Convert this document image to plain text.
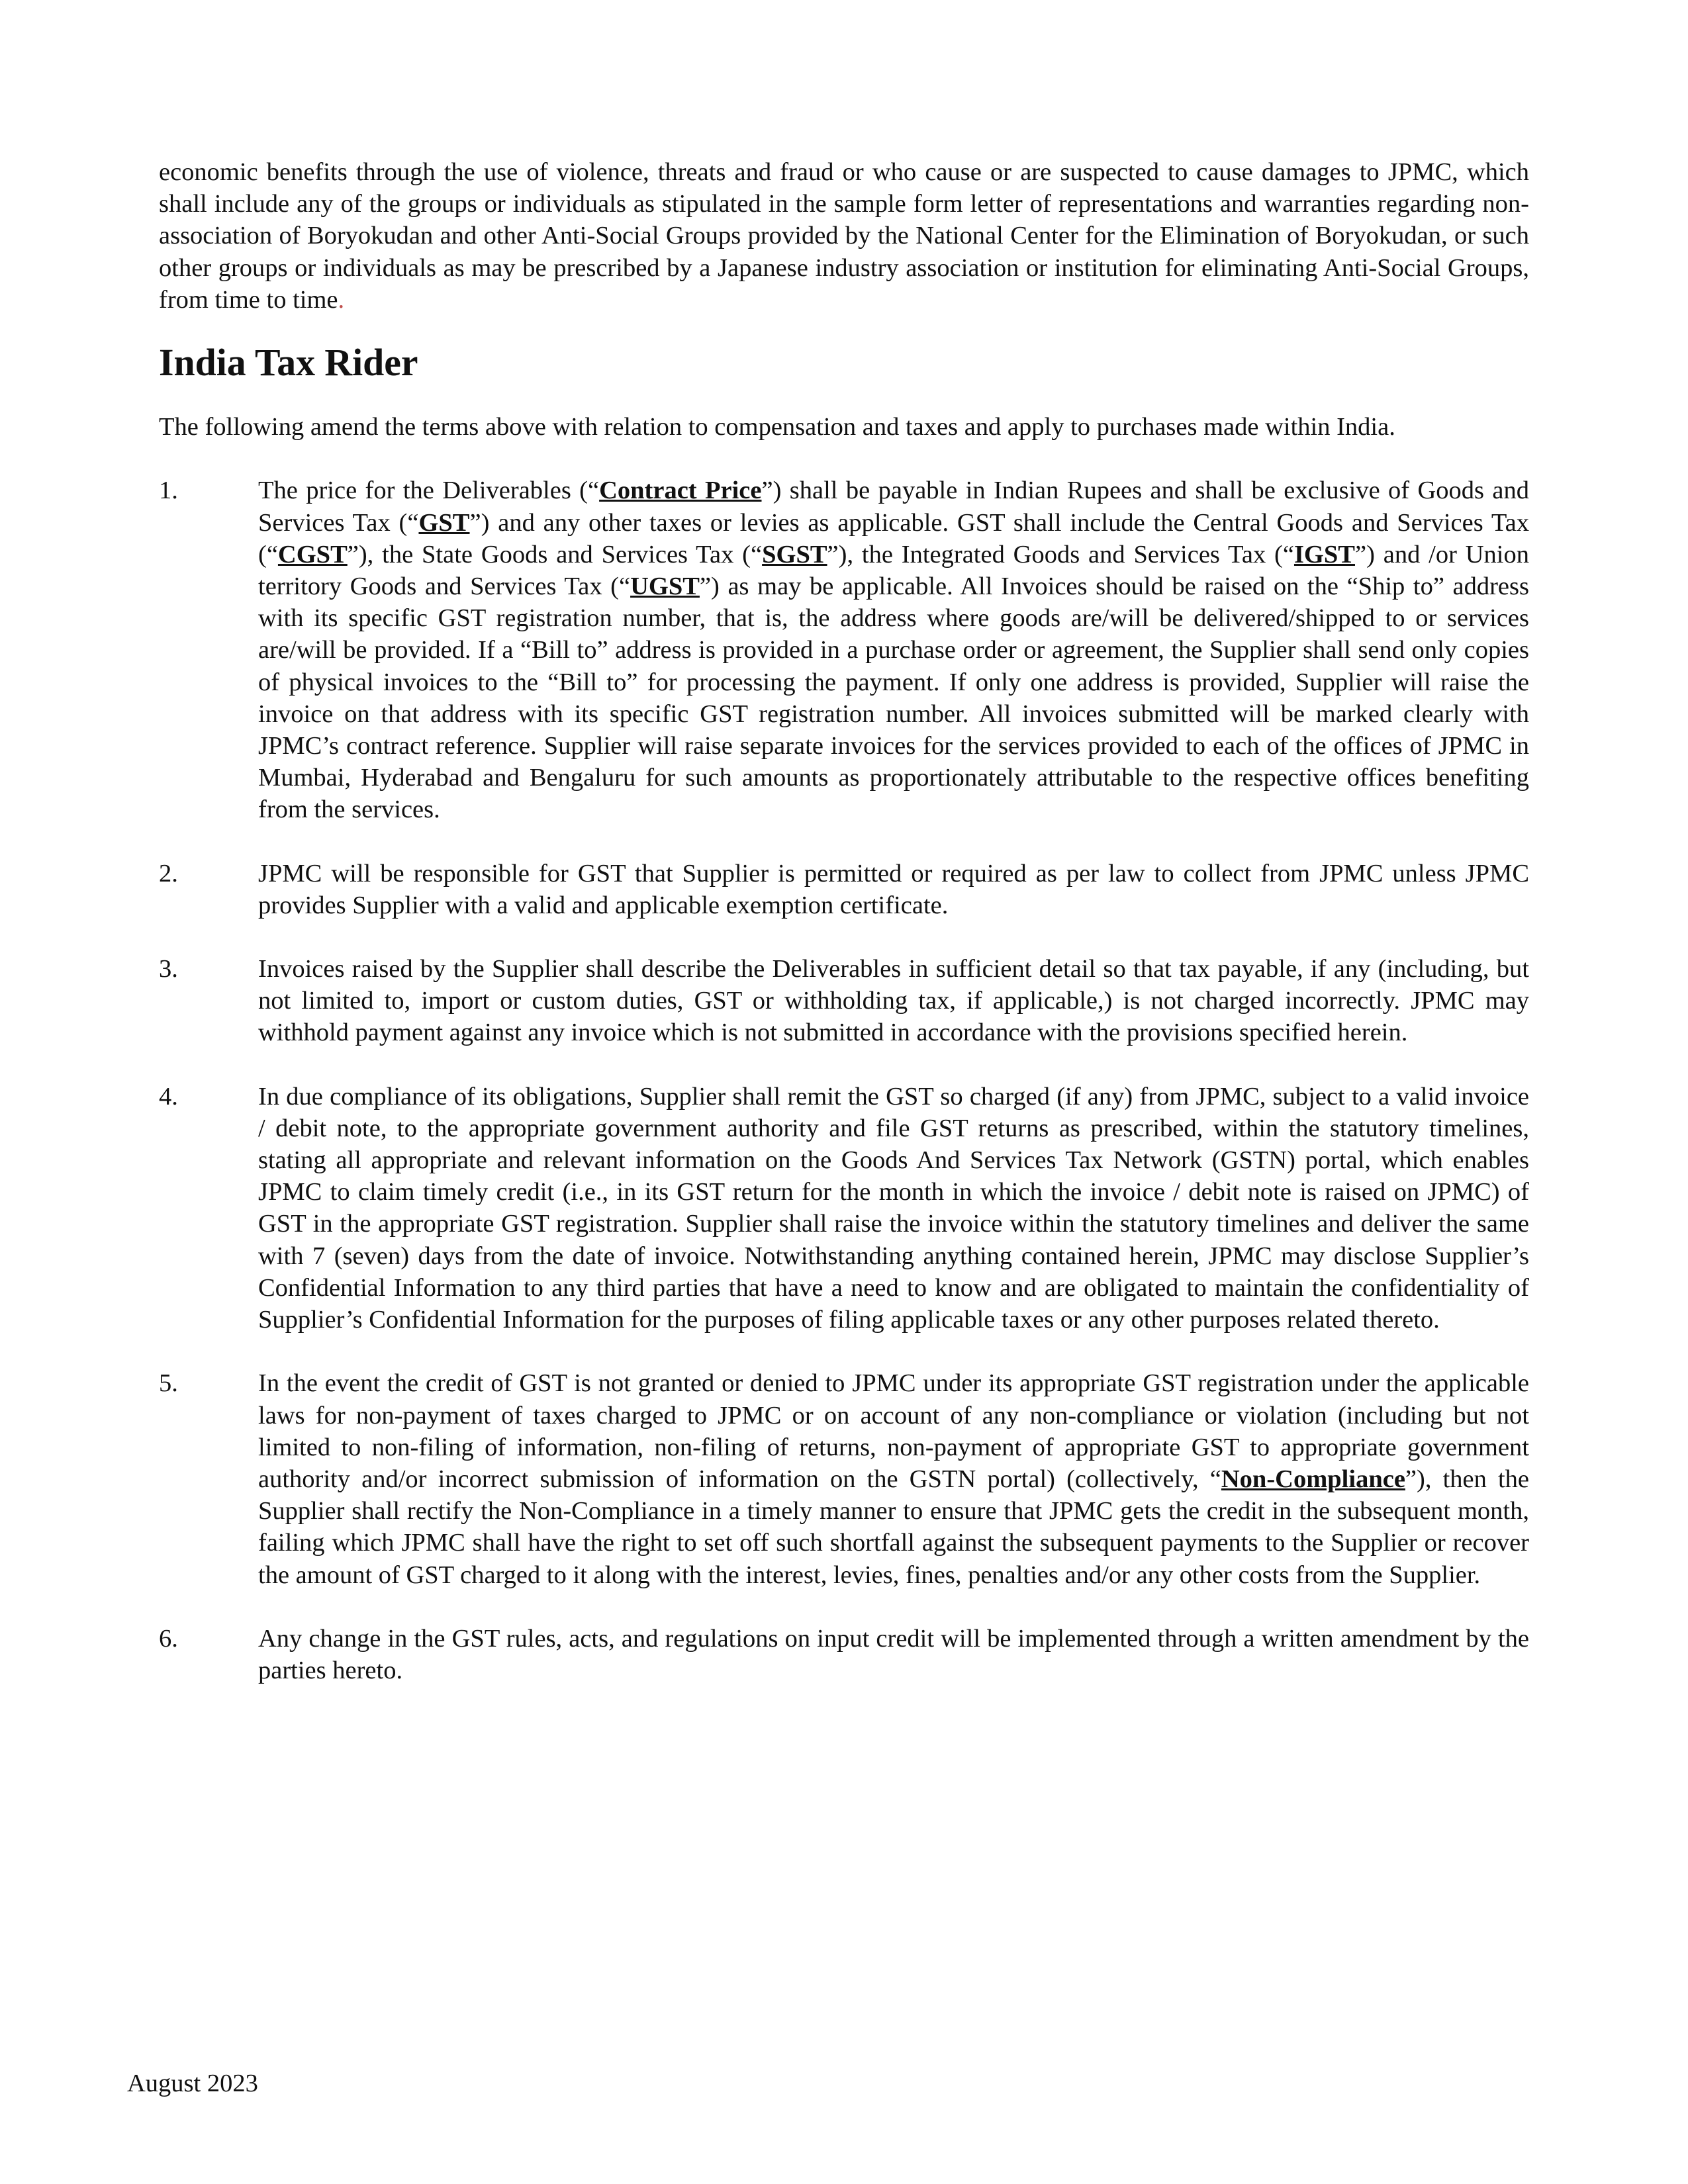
economic benefits through the use of violence, threats and fraud or who cause or are suspected to cause damages to JPMC, which shall include any of the groups or individuals as stipulated in the sample form letter of representations and warranties regarding non-association of Boryokudan and other Anti-Social Groups provided by the National Center for the Elimination of Boryokudan, or such other groups or individuals as may be prescribed by a Japanese industry association or institution for eliminating Anti-Social Groups, from time to time.

India Tax Rider

The following amend the terms above with relation to compensation and taxes and apply to purchases made within India.

1.	The price for the Deliverables (“Contract Price”) shall be payable in Indian Rupees and shall be exclusive of Goods and Services Tax (“GST”) and any other taxes or levies as applicable. GST shall include the Central Goods and Services Tax (“CGST”), the State Goods and Services Tax (“SGST”), the Integrated Goods and Services Tax (“IGST”) and /or Union territory Goods and Services Tax (“UGST”) as may be applicable. All Invoices should be raised on the “Ship to” address with its specific GST registration number, that is, the address where goods are/will be delivered/shipped to or services are/will be provided. If a “Bill to” address is provided in a purchase order or agreement, the Supplier shall send only copies of physical invoices to the “Bill to” for processing the payment. If only one address is provided, Supplier will raise the invoice on that address with its specific GST registration number. All invoices submitted will be marked clearly with JPMC’s contract reference. Supplier will raise separate invoices for the services provided to each of the offices of JPMC in Mumbai, Hyderabad and Bengaluru for such amounts as proportionately attributable to the respective offices benefiting from the services.
2.	JPMC will be responsible for GST that Supplier is permitted or required as per law to collect from JPMC unless JPMC provides Supplier with a valid and applicable exemption certificate.
3.	Invoices raised by the Supplier shall describe the Deliverables in sufficient detail so that tax payable, if any (including, but not limited to, import or custom duties, GST or withholding tax, if applicable,) is not charged incorrectly. JPMC may withhold payment against any invoice which is not submitted in accordance with the provisions specified herein.
4.	In due compliance of its obligations, Supplier shall remit the GST so charged (if any) from JPMC, subject to a valid invoice / debit note, to the appropriate government authority and file GST returns as prescribed, within the statutory timelines, stating all appropriate and relevant information on the Goods And Services Tax Network (GSTN) portal, which enables JPMC to claim timely credit (i.e., in its GST return for the month in which the invoice / debit note is raised on JPMC) of GST in the appropriate GST registration. Supplier shall raise the invoice within the statutory timelines and deliver the same with 7 (seven) days from the date of invoice. Notwithstanding anything contained herein, JPMC may disclose Supplier’s Confidential Information to any third parties that have a need to know and are obligated to maintain the confidentiality of Supplier’s Confidential Information for the purposes of filing applicable taxes or any other purposes related thereto.
5.	In the event the credit of GST is not granted or denied to JPMC under its appropriate GST registration under the applicable laws for non-payment of taxes charged to JPMC or on account of any non-compliance or violation (including but not limited to non-filing of information, non-filing of returns, non-payment of appropriate GST to appropriate government authority and/or incorrect submission of information on the GSTN portal) (collectively, “Non-Compliance”), then the Supplier shall rectify the Non-Compliance in a timely manner to ensure that JPMC gets the credit in the subsequent month, failing which JPMC shall have the right to set off such shortfall against the subsequent payments to the Supplier or recover the amount of GST charged to it along with the interest, levies, fines, penalties and/or any other costs from the Supplier.
6.	Any change in the GST rules, acts, and regulations on input credit will be implemented through a written amendment by the parties hereto.
August 2023
